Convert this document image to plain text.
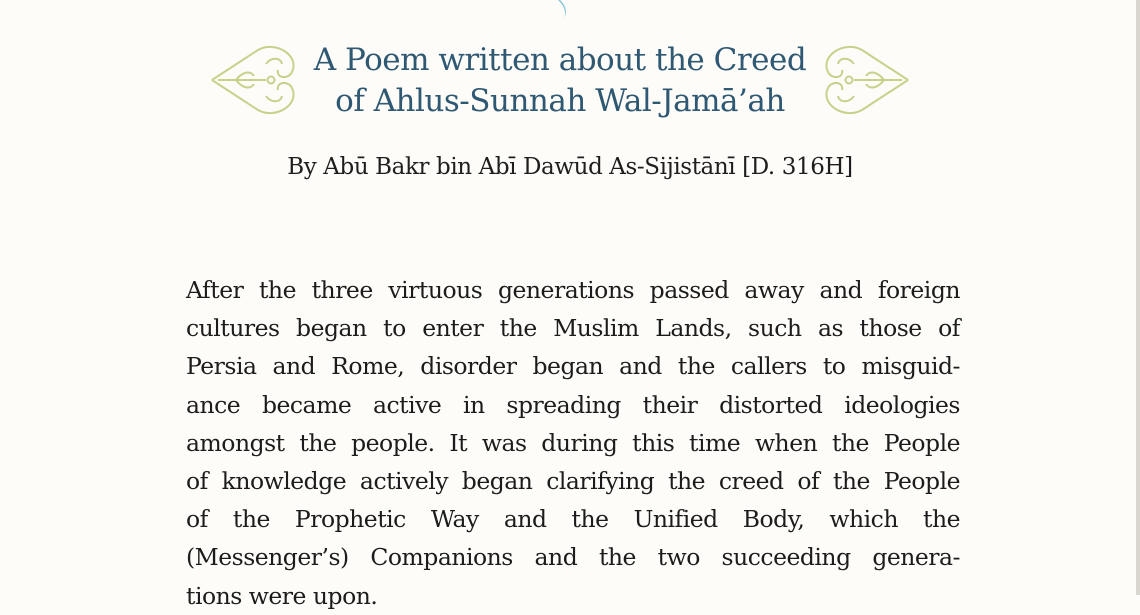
A Poem written about the Creed
of Ahlus-Sunnah Wal-Jamā’ah
By Abū Bakr bin Abī Dawūd As-Sijistānī [D. 316H]
After the three virtuous generations passed away and foreign
cultures began to enter the Muslim Lands, such as those of
Persia and Rome, disorder began and the callers to misguid-
ance became active in spreading their distorted ideologies
amongst the people. It was during this time when the People
of knowledge actively began clarifying the creed of the People
of the Prophetic Way and the Unified Body, which the
(Messenger’s) Companions and the two succeeding genera-
tions were upon.
